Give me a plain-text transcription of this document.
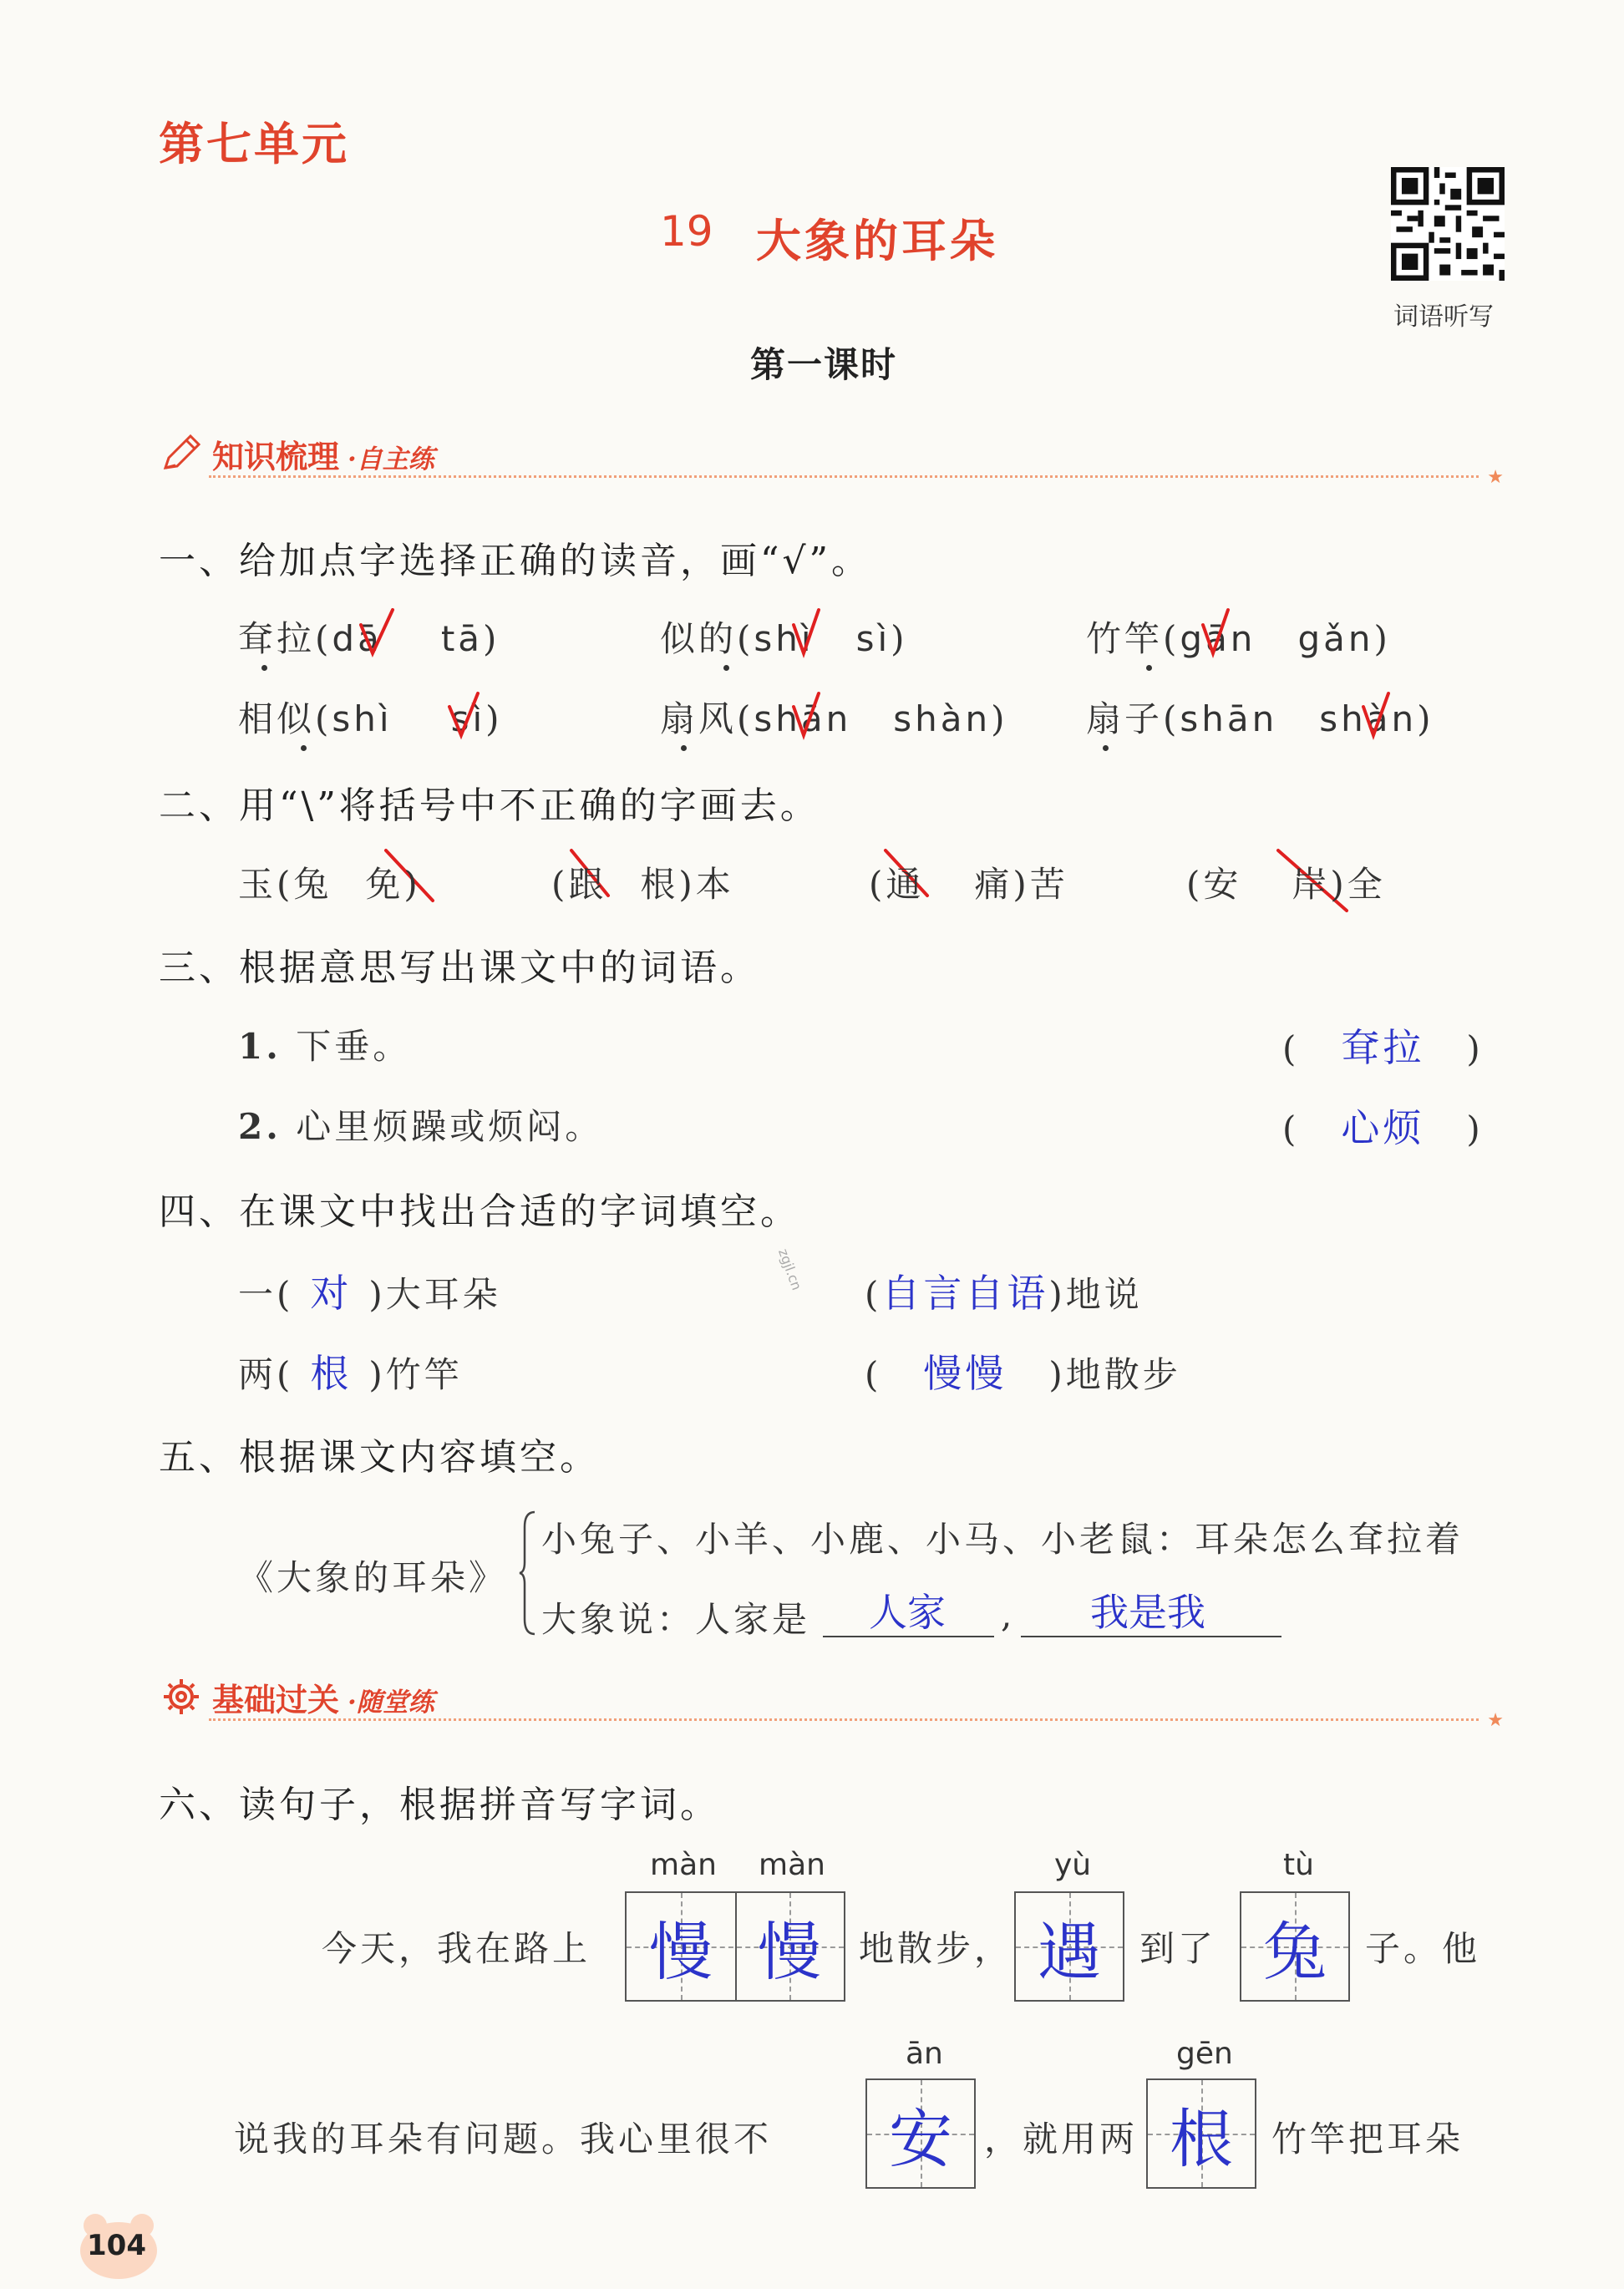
第七单元
19 大象的耳朵
词语听写
第一课时
知识梳理 ·自主练
★
一、给加点字选择正确的读音，画“√”。
耷拉(dā tā)	似的(shì sì)	竹竿(gān gǎn)
相似(shì sì)	扇风(shān shàn) 扇子(shān shàn)
二、用“\”将括号中不正确的字画去。
玉(兔 免)	(跟 根)本	(通 痛)苦	(安 岸)全
三、根据意思写出课文中的词语。
1. 下垂。	( 耷拉 )
2. 心里烦躁或烦闷。	( 心烦 )
四、在课文中找出合适的字词填空。
一( 对 )大耳朵	(自言自语)地说
两( 根 )竹竿	( 慢慢 )地散步
zgjl.cn
五、根据课文内容填空。
《大象的耳朵》
小兔子、小羊、小鹿、小马、小老鼠：耳朵怎么耷拉着
大象说：人家是 人家 , 我是我
基础过关 ·随堂练
★
六、读句子，根据拼音写字词。
màn màn
今天，我在路上 慢 慢	地散步，
yù
遇	到了
tù
兔	子。他
说我的耳朵有问题。我心里很不
ān
安 ，就用两
gēn
根	竹竿把耳朵
104
